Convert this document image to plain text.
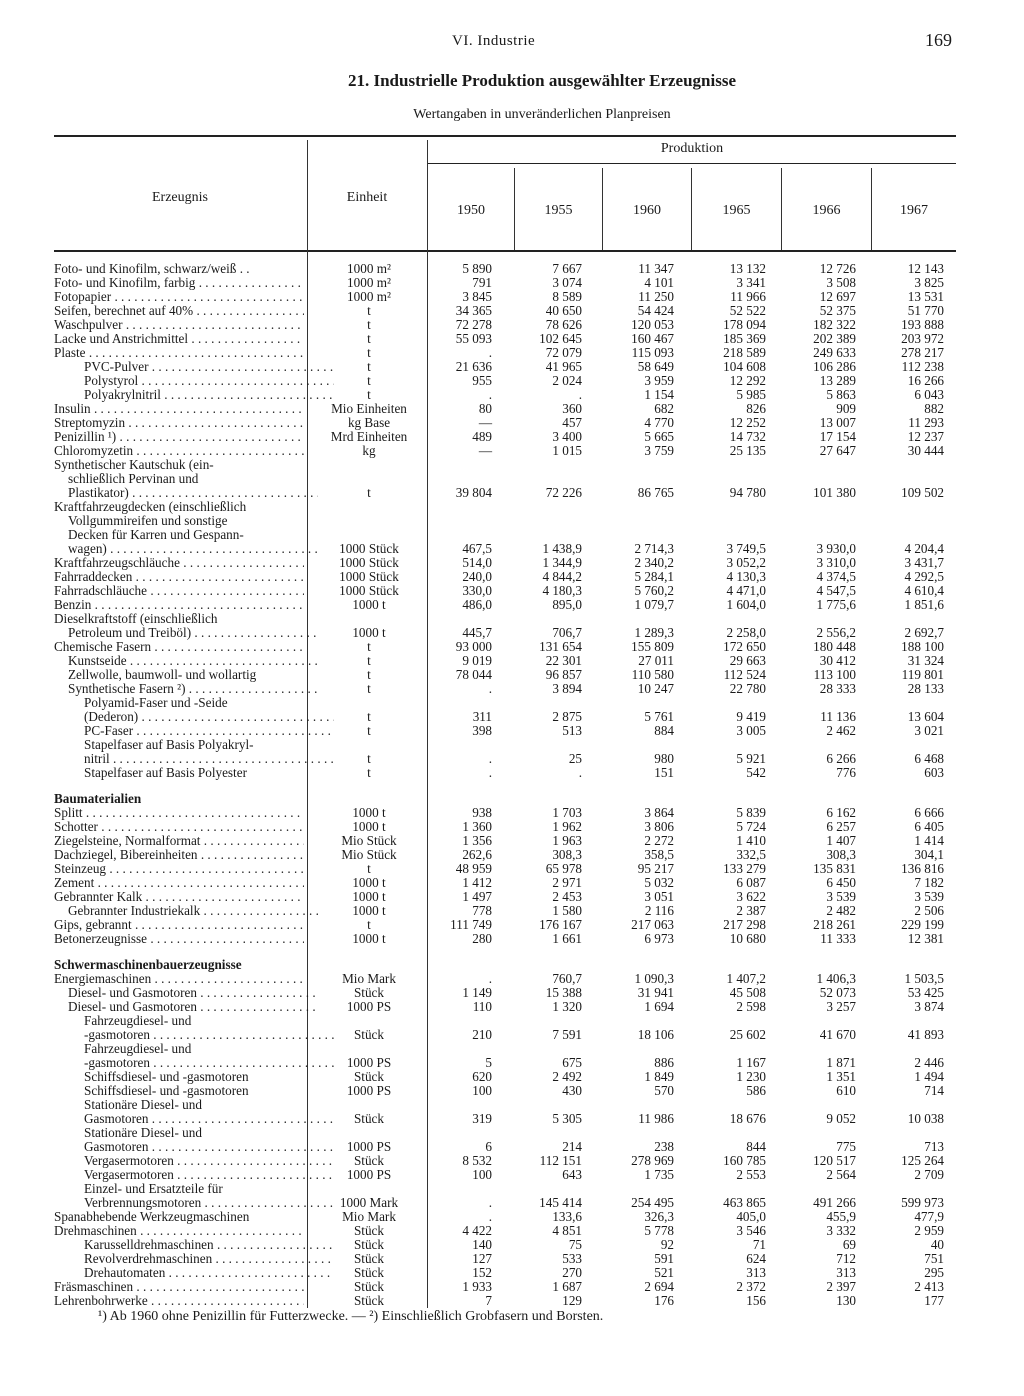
VI. Industrie	169
21. Industrielle Produktion ausgewählter Erzeugnisse
Wertangaben in unveränderlichen Planpreisen
Erzeugnis	Einheit
Produktion
1950	1955	1960	1965	1966	1967
Foto- und Kinofilm, schwarz/weiß . .	1000 m²	5 890	7 667	11 347	13 132	12 726	12 143
Foto- und Kinofilm, farbig . . .	1000 m²	791	3 074	4 101	3 341	3 508	3 825
Fotopapier . . .	1000 m²	3 845	8 589	11 250	11 966	12 697	13 531
Seifen, berechnet auf 40% . . .	t	34 365	40 650	54 424	52 522	52 375	51 770
Waschpulver . . .	t	72 278	78 626	120 053	178 094	182 322	193 888
Lacke und Anstrichmittel . . .	t	55 093	102 645	160 467	185 369	202 389	203 972
Plaste . . .	t	.	72 079	115 093	218 589	249 633	278 217
PVC-Pulver . . .	t	21 636	41 965	58 649	104 608	106 286	112 238
Polystyrol . . .	t	955	2 024	3 959	12 292	13 289	16 266
Polyakrylnitril . . .	t	.	.	1 154	5 985	5 863	6 043
Insulin . . .	Mio Einheiten	80	360	682	826	909	882
Streptomyzin . . .	kg Base	—	457	4 770	12 252	13 007	11 293
Penizillin ¹) . . .	Mrd Einheiten	489	3 400	5 665	14 732	17 154	12 237
Chloromyzetin . . .	kg	—	1 015	3 759	25 135	27 647	30 444
Synthetischer Kautschuk (ein-
schließlich Pervinan und
Plastikator) . . .	t	39 804	72 226	86 765	94 780	101 380	109 502
Kraftfahrzeugdecken (einschließlich
Vollgummireifen und sonstige
Decken für Karren und Gespann-
wagen) . . .	1000 Stück	467,5	1 438,9	2 714,3	3 749,5	3 930,0	4 204,4
Kraftfahrzeugschläuche . . .	1000 Stück	514,0	1 344,9	2 340,2	3 052,2	3 310,0	3 431,7
Fahrraddecken . . .	1000 Stück	240,0	4 844,2	5 284,1	4 130,3	4 374,5	4 292,5
Fahrradschläuche . . .	1000 Stück	330,0	4 180,3	5 760,2	4 471,0	4 547,5	4 610,4
Benzin . . .	1000 t	486,0	895,0	1 079,7	1 604,0	1 775,6	1 851,6
Dieselkraftstoff (einschließlich
Petroleum und Treiböl) . . .	1000 t	445,7	706,7	1 289,3	2 258,0	2 556,2	2 692,7
Chemische Fasern . . .	t	93 000	131 654	155 809	172 650	180 448	188 100
Kunstseide . . .	t	9 019	22 301	27 011	29 663	30 412	31 324
Zellwolle, baumwoll- und wollartig	t	78 044	96 857	110 580	112 524	113 100	119 801
Synthetische Fasern ²) . . .	t	.	3 894	10 247	22 780	28 333	28 133
Polyamid-Faser und -Seide
(Dederon) . . .	t	311	2 875	5 761	9 419	11 136	13 604
PC-Faser . . .	t	398	513	884	3 005	2 462	3 021
Stapelfaser auf Basis Polyakryl-
nitril . . .	t	.	25	980	5 921	6 266	6 468
Stapelfaser auf Basis Polyester	t	.	.	151	542	776	603
Baumaterialien
Splitt . . .	1000 t	938	1 703	3 864	5 839	6 162	6 666
Schotter . . .	1000 t	1 360	1 962	3 806	5 724	6 257	6 405
Ziegelsteine, Normalformat . . .	Mio Stück	1 356	1 963	2 272	1 410	1 407	1 414
Dachziegel, Bibereinheiten . . .	Mio Stück	262,6	308,3	358,5	332,5	308,3	304,1
Steinzeug . . .	t	48 959	65 978	95 217	133 279	135 831	136 816
Zement . . .	1000 t	1 412	2 971	5 032	6 087	6 450	7 182
Gebrannter Kalk . . .	1000 t	1 497	2 453	3 051	3 622	3 539	3 539
Gebrannter Industriekalk . . .	1000 t	778	1 580	2 116	2 387	2 482	2 506
Gips, gebrannt . . .	t	111 749	176 167	217 063	217 298	218 261	229 199
Betonerzeugnisse . . .	1000 t	280	1 661	6 973	10 680	11 333	12 381
Schwermaschinenbauerzeugnisse
Energiemaschinen . . .	Mio Mark	.	760,7	1 090,3	1 407,2	1 406,3	1 503,5
Diesel- und Gasmotoren . . .	Stück	1 149	15 388	31 941	45 508	52 073	53 425
Diesel- und Gasmotoren . . .	1000 PS	110	1 320	1 694	2 598	3 257	3 874
Fahrzeugdiesel- und
-gasmotoren . . .	Stück	210	7 591	18 106	25 602	41 670	41 893
Fahrzeugdiesel- und
-gasmotoren . . .	1000 PS	5	675	886	1 167	1 871	2 446
Schiffsdiesel- und -gasmotoren	Stück	620	2 492	1 849	1 230	1 351	1 494
Schiffsdiesel- und -gasmotoren	1000 PS	100	430	570	586	610	714
Stationäre Diesel- und
Gasmotoren . . .	Stück	319	5 305	11 986	18 676	9 052	10 038
Stationäre Diesel- und
Gasmotoren . . .	1000 PS	6	214	238	844	775	713
Vergasermotoren . . .	Stück	8 532	112 151	278 969	160 785	120 517	125 264
Vergasermotoren . . .	1000 PS	100	643	1 735	2 553	2 564	2 709
Einzel- und Ersatzteile für
Verbrennungsmotoren . . .	1000 Mark	.	145 414	254 495	463 865	491 266	599 973
Spanabhebende Werkzeugmaschinen	Mio Mark	.	133,6	326,3	405,0	455,9	477,9
Drehmaschinen . . .	Stück	4 422	4 851	5 778	3 546	3 332	2 959
Karusselldrehmaschinen . . .	Stück	140	75	92	71	69	40
Revolverdrehmaschinen . . .	Stück	127	533	591	624	712	751
Drehautomaten . . .	Stück	152	270	521	313	313	295
Fräsmaschinen . . .	Stück	1 933	1 687	2 694	2 372	2 397	2 413
Lehrenbohrwerke . . .	Stück	7	129	176	156	130	177
¹) Ab 1960 ohne Penizillin für Futterzwecke. — ²) Einschließlich Grobfasern und Borsten.
